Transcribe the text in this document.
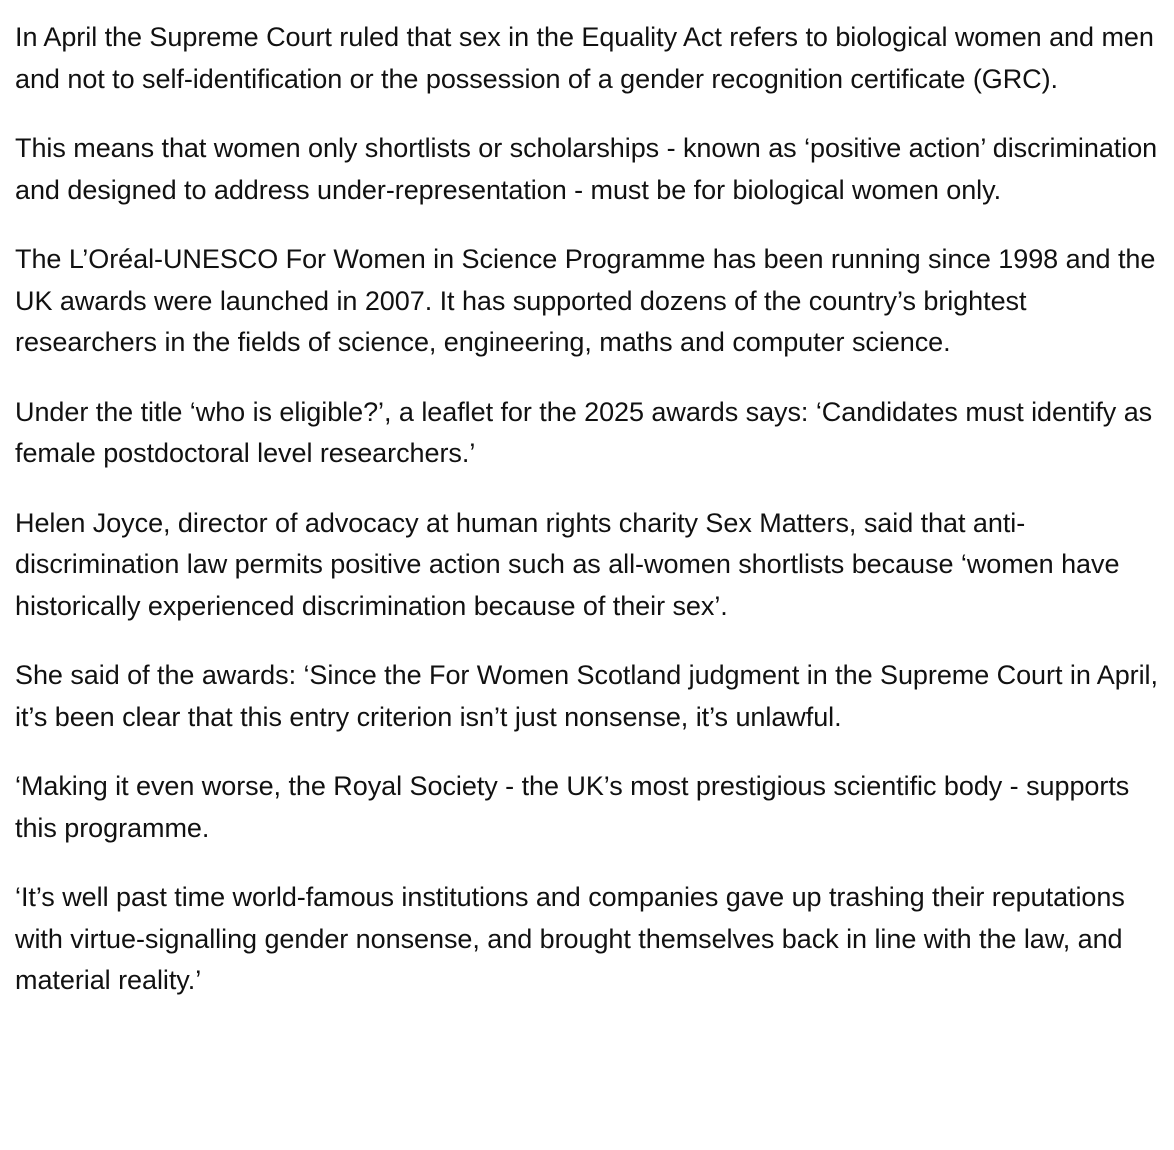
In April the Supreme Court ruled that sex in the Equality Act refers to biological women and men and not to self-identification or the possession of a gender recognition certificate (GRC).

This means that women only shortlists or scholarships - known as ‘positive action’ discrimination and designed to address under-representation - must be for biological women only.

The L’Oréal-UNESCO For Women in Science Programme has been running since 1998 and the UK awards were launched in 2007. It has supported dozens of the country’s brightest researchers in the fields of science, engineering, maths and computer science.

Under the title ‘who is eligible?’, a leaflet for the 2025 awards says: ‘Candidates must identify as female postdoctoral level researchers.’

Helen Joyce, director of advocacy at human rights charity Sex Matters, said that anti-discrimination law permits positive action such as all-women shortlists because ‘women have historically experienced discrimination because of their sex’.

She said of the awards: ‘Since the For Women Scotland judgment in the Supreme Court in April, it’s been clear that this entry criterion isn’t just nonsense, it’s unlawful.

‘Making it even worse, the Royal Society - the UK’s most prestigious scientific body - supports this programme.

‘It’s well past time world-famous institutions and companies gave up trashing their reputations with virtue-signalling gender nonsense, and brought themselves back in line with the law, and material reality.’
